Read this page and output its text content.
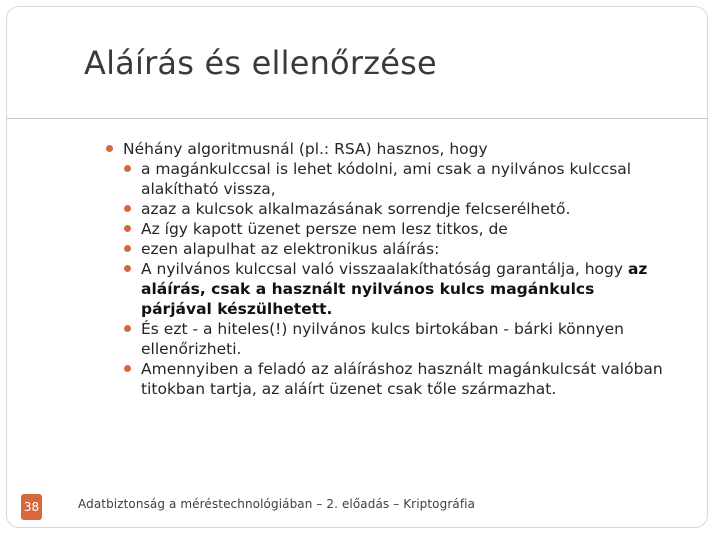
Aláírás és ellenőrzése
Néhány algoritmusnál (pl.: RSA) hasznos, hogy
a magánkulccsal is lehet kódolni, ami csak a nyilvános kulccsal alakítható vissza,
azaz a kulcsok alkalmazásának sorrendje felcserélhető.
Az így kapott üzenet persze nem lesz titkos, de
ezen alapulhat az elektronikus aláírás:
A nyilvános kulccsal való visszaalakíthatóság garantálja, hogy az aláírás, csak a használt nyilvános kulcs magánkulcs párjával készülhetett.
És ezt - a hiteles(!) nyilvános kulcs birtokában - bárki könnyen ellenőrizheti.
Amennyiben a feladó az aláíráshoz használt magánkulcsát valóban titokban tartja, az aláírt üzenet csak tőle származhat.
38	Adatbiztonság a méréstechnológiában – 2. előadás – Kriptográfia
